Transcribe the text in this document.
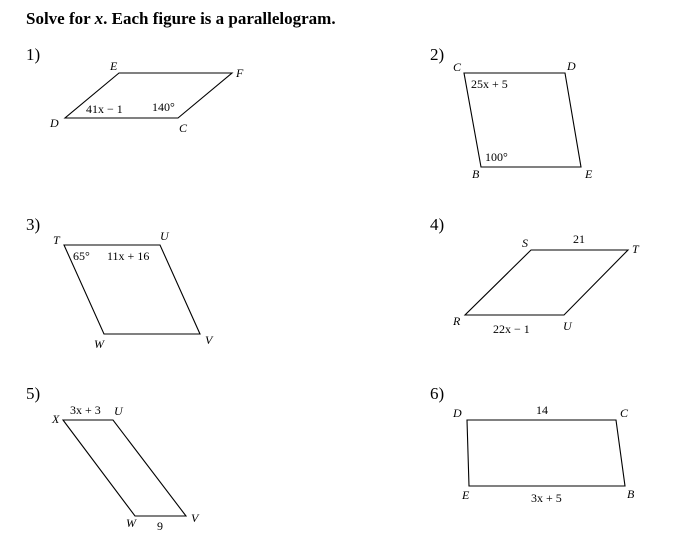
Solve for x. Each figure is a parallelogram.
1)	2)
3)	4)
5)	6)
E	F
C
D
41x − 1 140°
C	D
E
B
25x + 5
100°
T	U
V
W
65° 11x + 16
S	T
U
R
21
22x − 1
X
U
V
W
3x + 3
9
D	C
B
E
14
3x + 5
